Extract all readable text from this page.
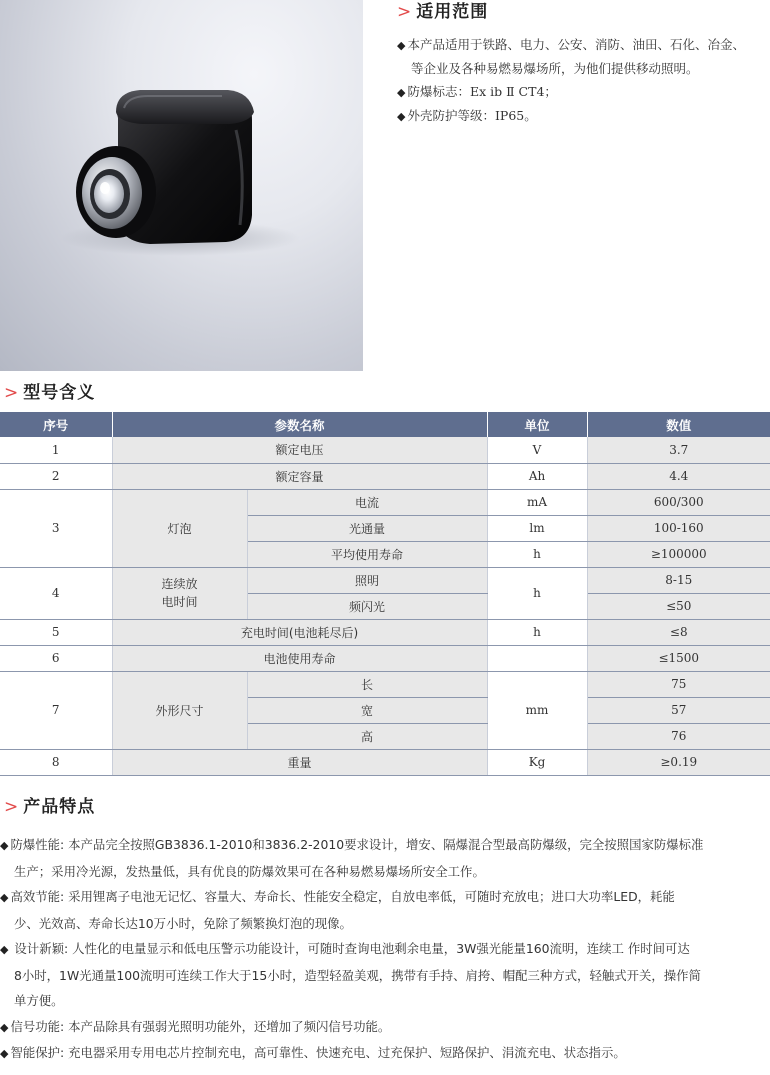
> 适用范围
◆ 本产品适用于铁路、电力、公安、消防、油田、石化、冶金、
等企业及各种易燃易爆场所，为他们提供移动照明。
◆ 防爆标志：Ex ib Ⅱ CT4；
◆ 外壳防护等级：IP65。
> 型号含义
序号	参数名称		单位	数值
1	额定电压		V	3.7
2	额定容量		Ah	4.4
3	灯泡	电流	mA	600/300
		光通量	lm	100-160
		平均使用寿命	h	≥100000
4	连续放
电时间	照明	h	8-15
		频闪光		≤50
5	充电时间(电池耗尽后)		h	≤8
6	电池使用寿命			≤1500
7	外形尺寸	长	mm	75
		宽		57
		高		76
8	重量		Kg	≥0.19
> 产品特点
◆ 防爆性能: 本产品完全按照GB3836.1-2010和3836.2-2010要求设计，增安、隔爆混合型最高防爆级，完全按照国家防爆标准
生产；采用冷光源，发热量低，具有优良的防爆效果可在各种易燃易爆场所安全工作。
◆ 高效节能: 采用锂离子电池无记忆、容量大、寿命长、性能安全稳定，自放电率低，可随时充放电；进口大功率LED，耗能
少、光效高、寿命长达10万小时，免除了频繁换灯泡的现像。
◆ 设计新颖: 人性化的电量显示和低电压警示功能设计，可随时查询电池剩余电量，3W强光能量160流明，连续工 作时间可达
8小时，1W光通量100流明可连续工作大于15小时，造型轻盈美观，携带有手持、肩挎、帽配三种方式，轻触式开关，操作简
单方便。
◆ 信号功能: 本产品除具有强弱光照明功能外，还增加了频闪信号功能。
◆ 智能保护: 充电器采用专用电芯片控制充电，高可靠性、快速充电、过充保护、短路保护、涓流充电、状态指示。
